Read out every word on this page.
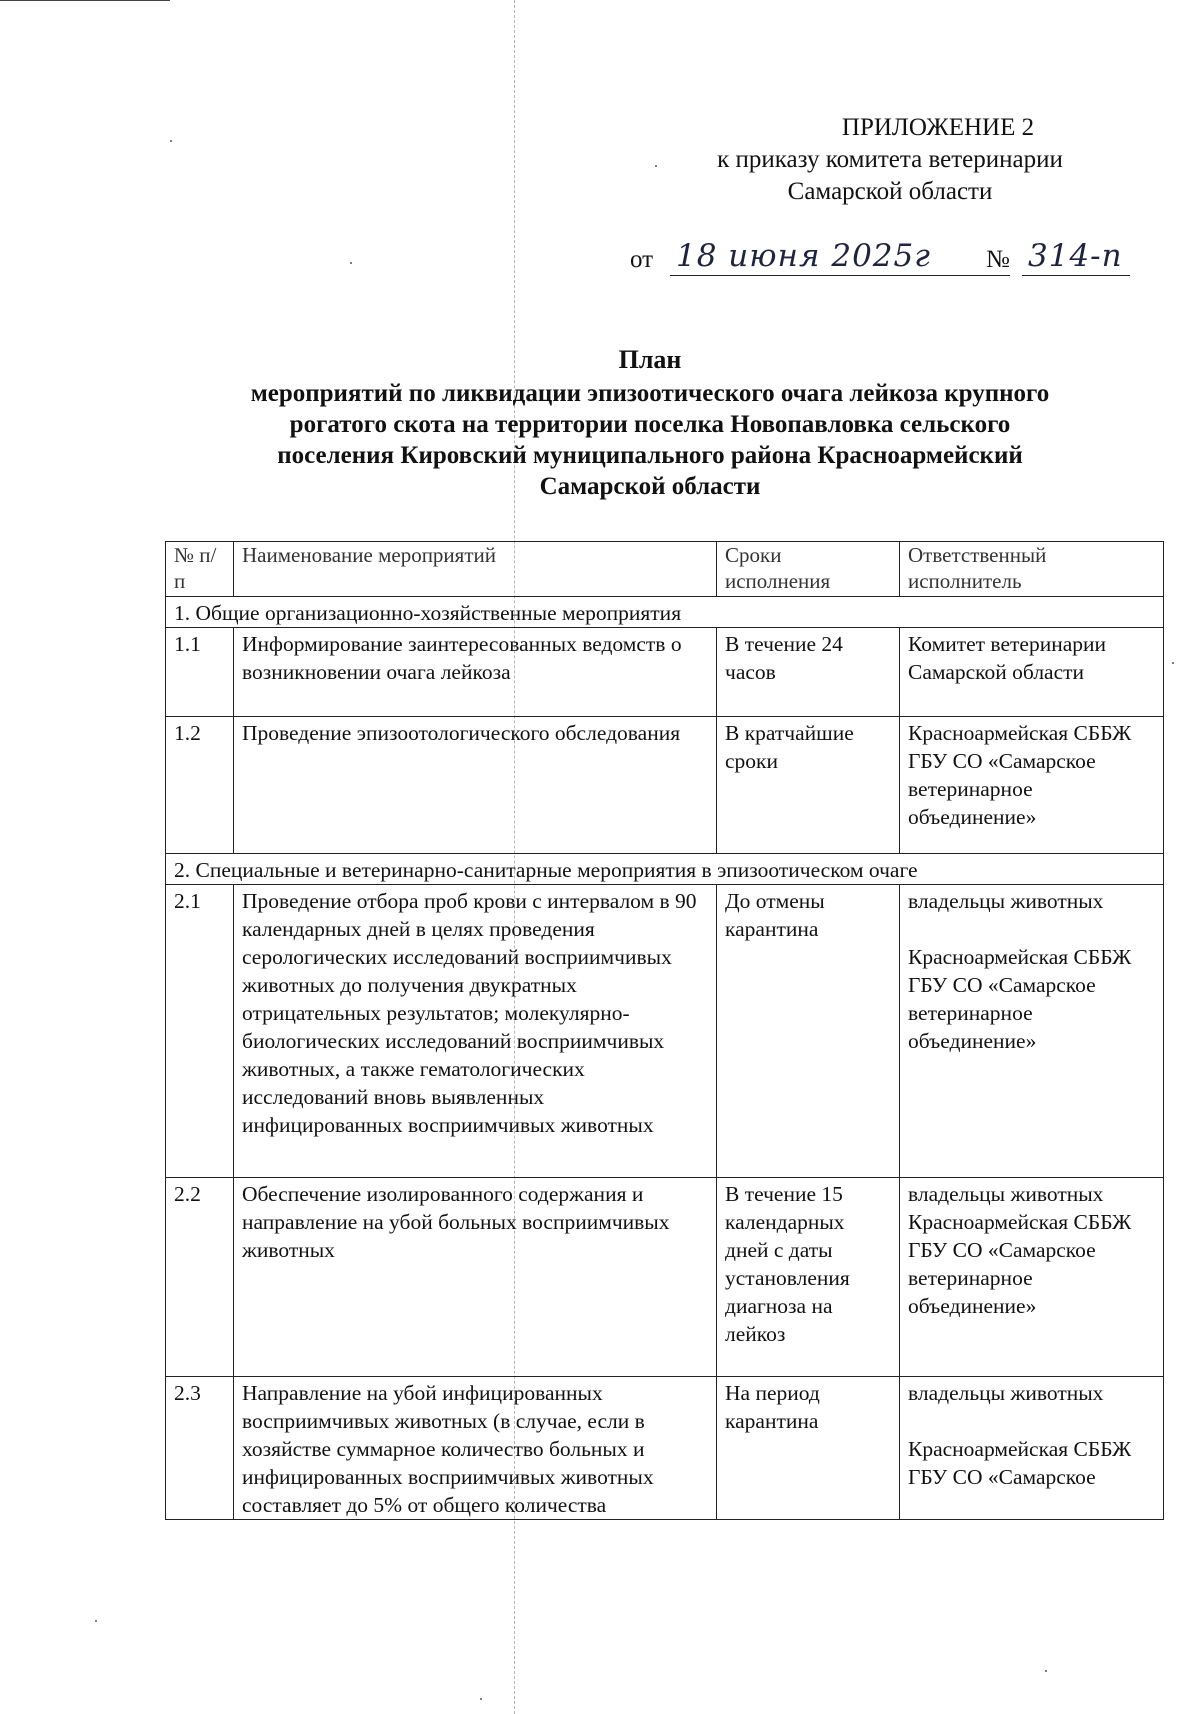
ПРИЛОЖЕНИЕ 2
к приказу комитета ветеринарии
Самарской области
от 18 июня 2025г № 314-п
План
мероприятий по ликвидации эпизоотического очага лейкоза крупного
рогатого скота на территории поселка Новопавловка сельского
поселения Кировский муниципального района Красноармейский
Самарской области
№ п/п	Наименование мероприятий	Сроки исполнения	Ответственный исполнитель
1. Общие организационно-хозяйственные мероприятия			
1.1	Информирование заинтересованных ведомств о возникновении очага лейкоза	В течение 24 часов	Комитет ветеринарии Самарской области
1.2	Проведение эпизоотологического обследования	В кратчайшие сроки	Красноармейская СББЖ ГБУ СО «Самарское ветеринарное объединение»
2. Специальные и ветеринарно-санитарные мероприятия в эпизоотическом очаге			
2.1	Проведение отбора проб крови с интервалом в 90 календарных дней в целях проведения серологических исследований восприимчивых животных до получения двукратных отрицательных результатов; молекулярно-биологических исследований восприимчивых животных, а также гематологических исследований вновь выявленных инфицированных восприимчивых животных	До отмены карантина	владельцы животных
Красноармейская СББЖ ГБУ СО «Самарское ветеринарное объединение»

2.2	Обеспечение изолированного содержания и направление на убой больных восприимчивых животных	В течение 15 календарных дней с даты установления диагноза на лейкоз	владельцы животных Красноармейская СББЖ ГБУ СО «Самарское ветеринарное объединение»
2.3	Направление на убой инфицированных восприимчивых животных (в случае, если в хозяйстве суммарное количество больных и инфицированных восприимчивых животных составляет до 5% от общего количества	На период карантина	владельцы животных
Красноармейская СББЖ ГБУ СО «Самарское
